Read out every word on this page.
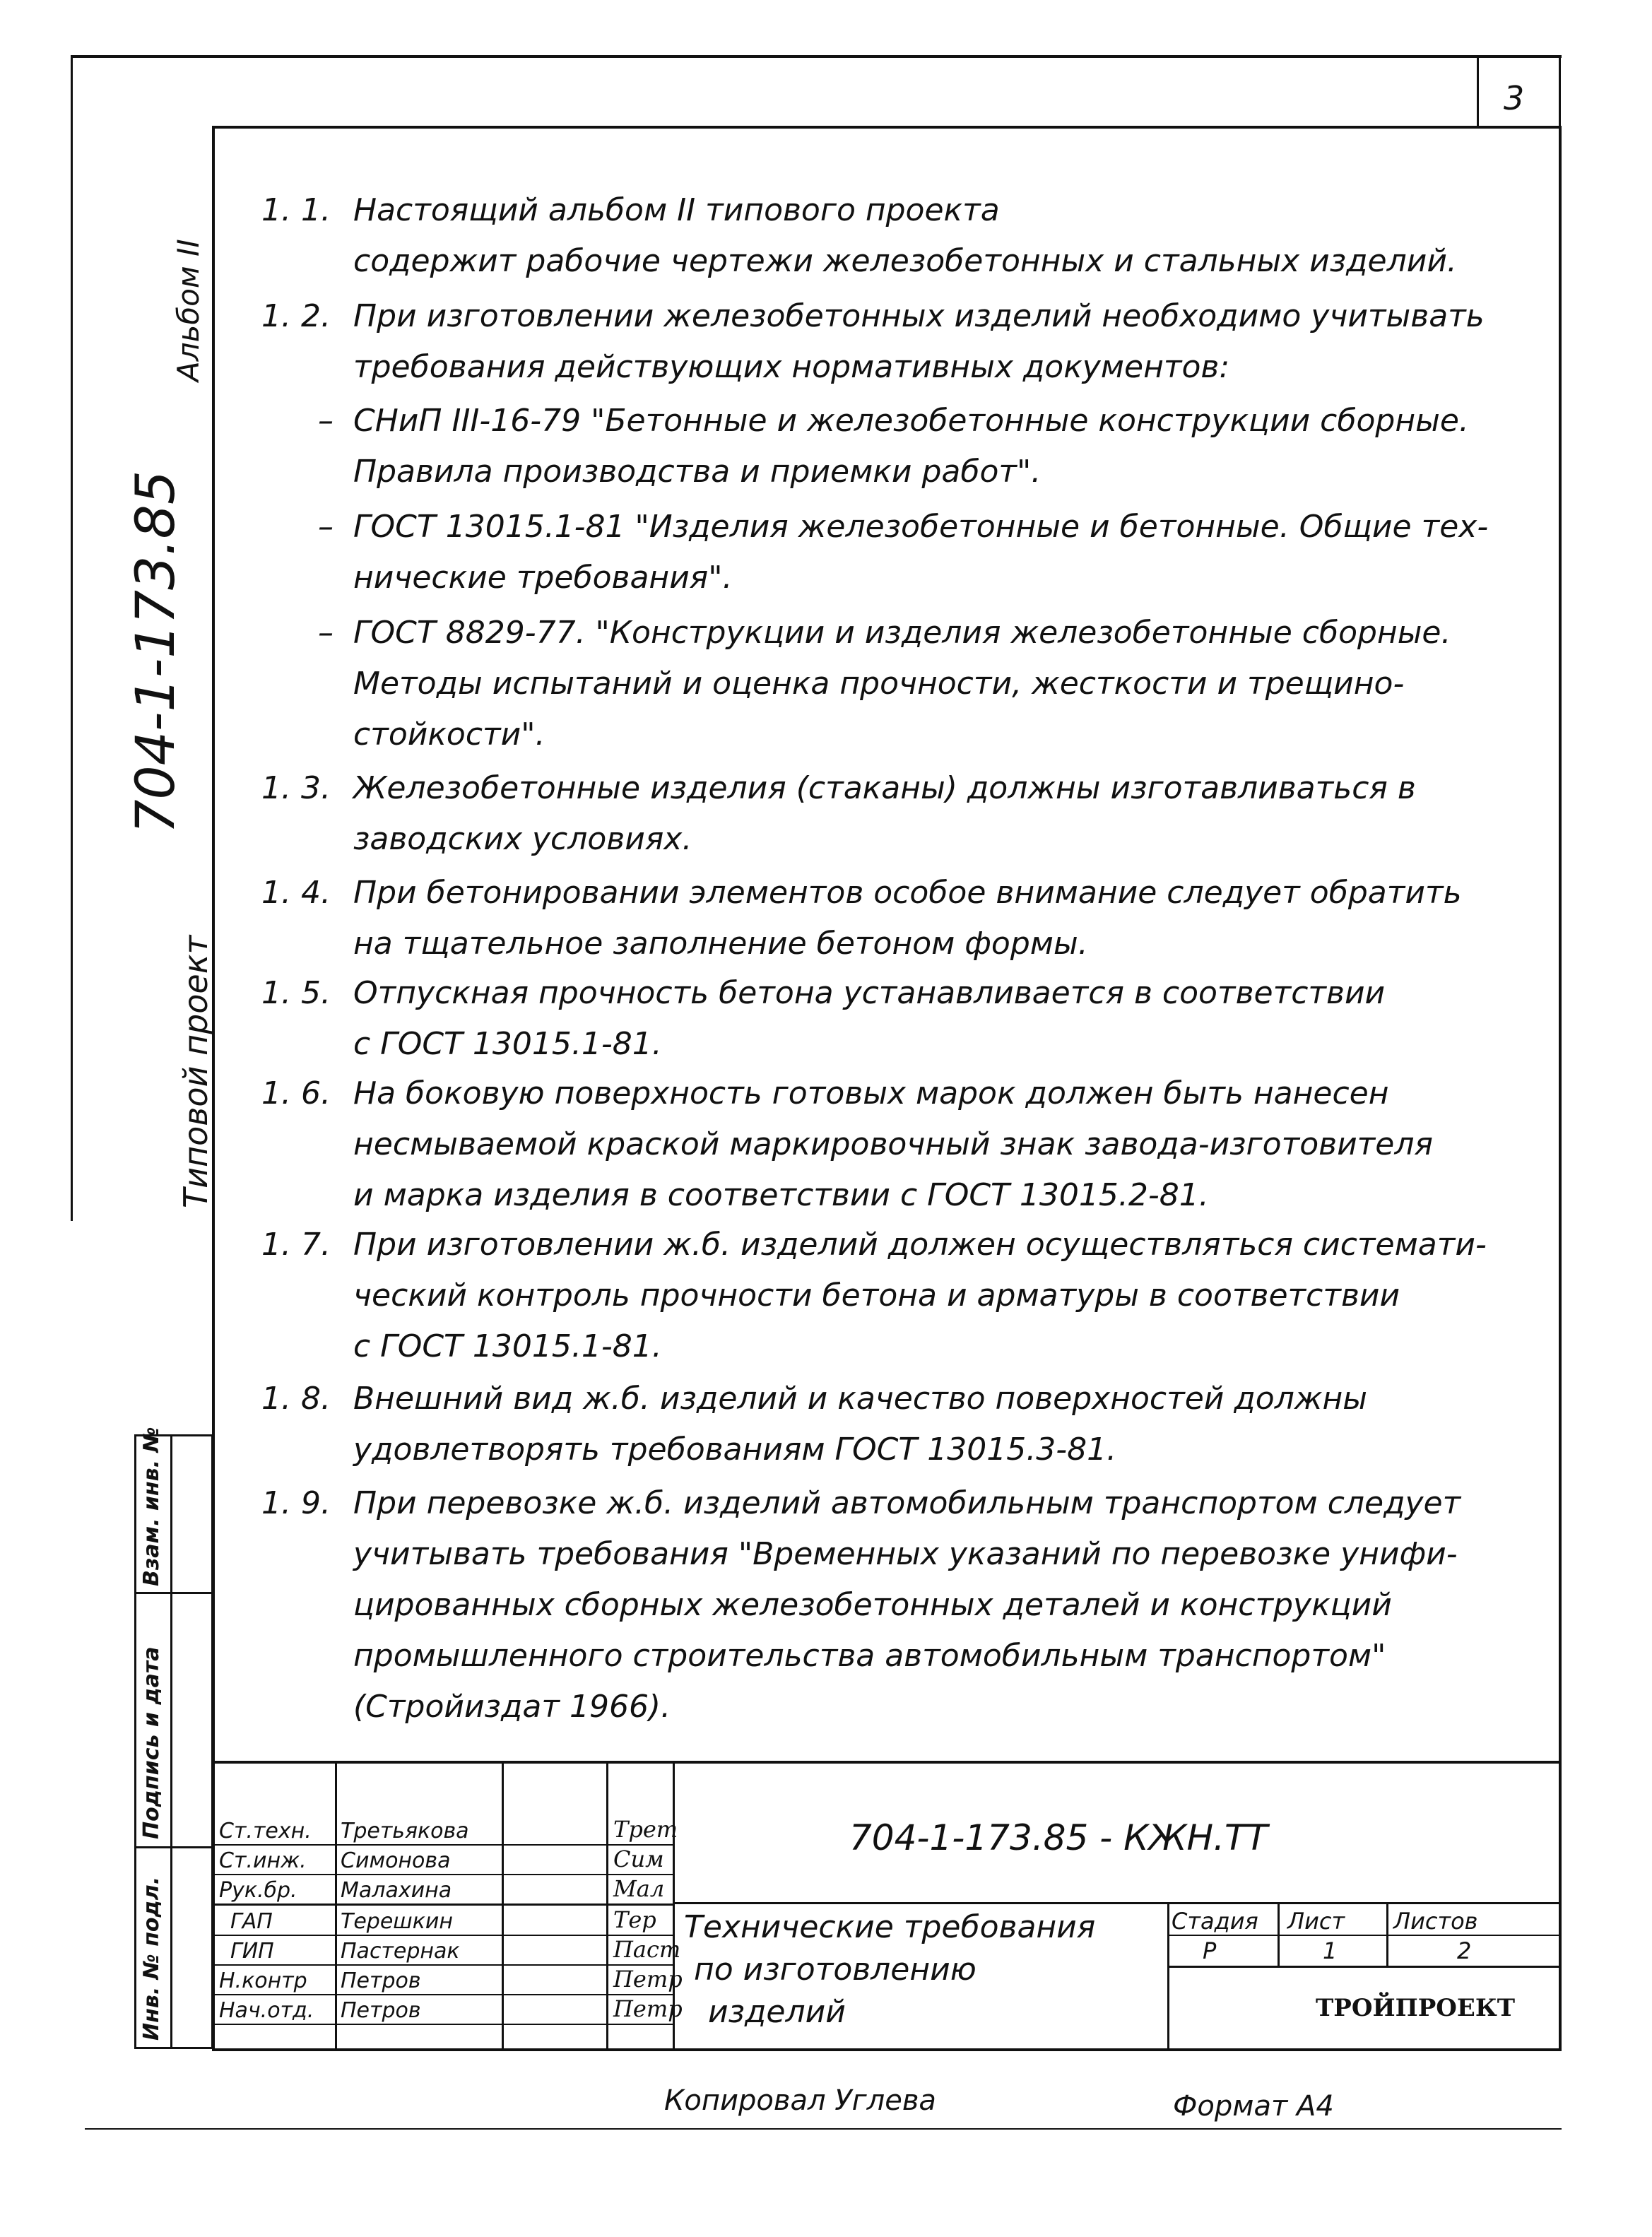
3
Альбом II
704-1-173.85
Типовой проект
Взам. инв. №
Подпись и дата
Инв. № подл.
1. 1. Настоящий альбом II типового проекта
содержит рабочие чертежи железобетонных и стальных изделий.
1. 2. При изготовлении железобетонных изделий необходимо учитывать
требования действующих нормативных документов:
– СНиП III-16-79 "Бетонные и железобетонные конструкции сборные.
Правила производства и приемки работ".
– ГОСТ 13015.1-81 "Изделия железобетонные и бетонные. Общие тех-
нические требования".
– ГОСТ 8829-77. "Конструкции и изделия железобетонные сборные.
Методы испытаний и оценка прочности, жесткости и трещино-
стойкости".
1. 3. Железобетонные изделия (стаканы) должны изготавливаться в
заводских условиях.
1. 4. При бетонировании элементов особое внимание следует обратить
на тщательное заполнение бетоном формы.
1. 5. Отпускная прочность бетона устанавливается в соответствии
с ГОСТ 13015.1-81.
1. 6. На боковую поверхность готовых марок должен быть нанесен
несмываемой краской маркировочный знак завода-изготовителя
и марка изделия в соответствии с ГОСТ 13015.2-81.
1. 7. При изготовлении ж.б. изделий должен осуществляться системати-
ческий контроль прочности бетона и арматуры в соответствии
с ГОСТ 13015.1-81.
1. 8. Внешний вид ж.б. изделий и качество поверхностей должны
удовлетворять требованиям ГОСТ 13015.3-81.
1. 9. При перевозке ж.б. изделий автомобильным транспортом следует
учитывать требования "Временных указаний по перевозке унифи-
цированных сборных железобетонных деталей и конструкций
промышленного строительства автомобильным транспортом"
(Стройиздат 1966).
Ст.техн. Третьякова	Трет
Ст.инж. Симонова	Сим
Рук.бр. Малахина	Мал
ГАП	Терешкин	Тер
ГИП	Пастернак	Паст
Н.контр Петров	Петр
Нач.отд. Петров	Петр
704-1-173.85 - КЖН.ТТ
Технические требования
по изготовлению
изделий
Стадия Лист Листов
Р	1	2
ТРОЙПРОЕКТ
Копировал Углева	Формат А4
